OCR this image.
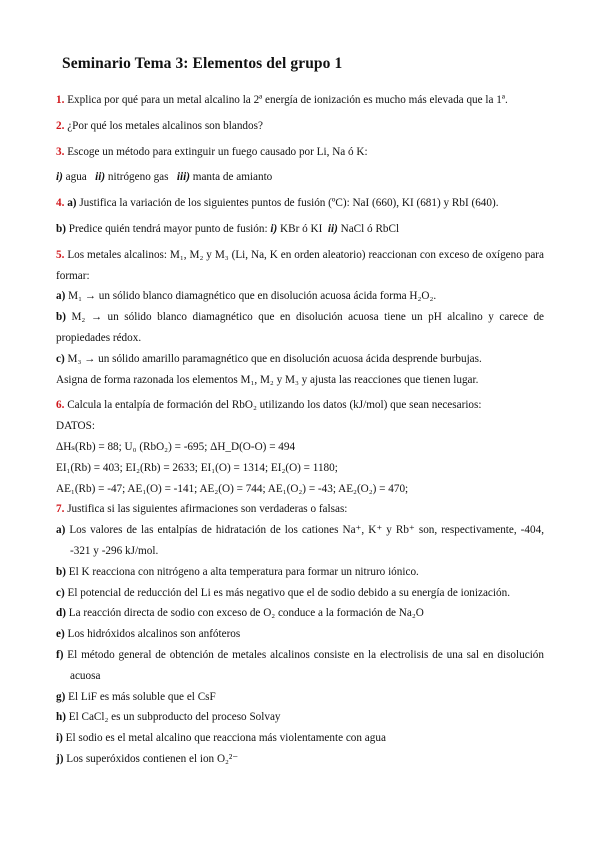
Seminario Tema 3: Elementos del grupo 1

1. Explica por qué para un metal alcalino la 2ª energía de ionización es mucho más elevada que la 1ª.

2. ¿Por qué los metales alcalinos son blandos?

3. Escoge un método para extinguir un fuego causado por Li, Na ó K:

i) agua   ii) nitrógeno gas   iii) manta de amianto

4. a) Justifica la variación de los siguientes puntos de fusión (ºC): NaI (660), KI (681) y RbI (640).

b) Predice quién tendrá mayor punto de fusión: i) KBr ó KI  ii) NaCl ó RbCl

5. Los metales alcalinos: M₁, M₂ y M₃ (Li, Na, K en orden aleatorio) reaccionan con exceso de oxígeno para formar:

a) M₁ → un sólido blanco diamagnético que en disolución acuosa ácida forma H₂O₂.

b) M₂ → un sólido blanco diamagnético que en disolución acuosa tiene un pH alcalino y carece de propiedades rédox.

c) M₃ → un sólido amarillo paramagnético que en disolución acuosa ácida desprende burbujas.

Asigna de forma razonada los elementos M₁, M₂ y M₃ y ajusta las reacciones que tienen lugar.

6. Calcula la entalpía de formación del RbO₂ utilizando los datos (kJ/mol) que sean necesarios:

DATOS:

ΔHₛ(Rb) = 88; U₀ (RbO₂) = -695; ΔH_D(O-O) = 494

EI₁(Rb) = 403; EI₂(Rb) = 2633; EI₁(O) = 1314; EI₂(O) = 1180;

AE₁(Rb) = -47; AE₁(O) = -141; AE₂(O) = 744; AE₁(O₂) = -43; AE₂(O₂) = 470;

7. Justifica si las siguientes afirmaciones son verdaderas o falsas:

a) Los valores de las entalpías de hidratación de los cationes Na⁺, K⁺ y Rb⁺ son, respectivamente, -404, -321 y -296 kJ/mol.

b) El K reacciona con nitrógeno a alta temperatura para formar un nitruro iónico.

c) El potencial de reducción del Li es más negativo que el de sodio debido a su energía de ionización.

d) La reacción directa de sodio con exceso de O₂ conduce a la formación de Na₂O

e) Los hidróxidos alcalinos son anfóteros

f) El método general de obtención de metales alcalinos consiste en la electrolisis de una sal en disolución acuosa

g) El LiF es más soluble que el CsF

h) El CaCl₂ es un subproducto del proceso Solvay

i) El sodio es el metal alcalino que reacciona más violentamente con agua

j) Los superóxidos contienen el ion O₂²⁻
